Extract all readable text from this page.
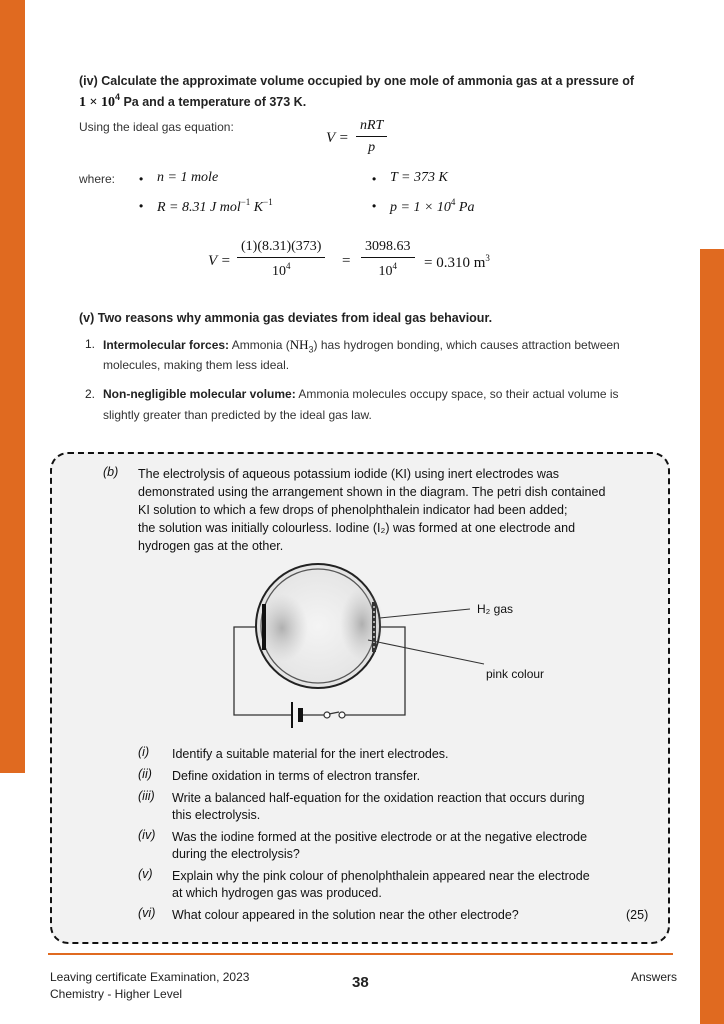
(iv) Calculate the approximate volume occupied by one mole of ammonia gas at a pressure of
$1 \times 10^4$ Pa and a temperature of 373 K.
Using the ideal gas equation:
V =
nRT
p
where: • n = 1 mole	• T = 373 K
• R = 8.31 J mol$^{-1}$ $K^{-1}$	• $p = 1 \times 10^4$ Pa
$V = \frac{(1)(8.31)(373)}{10^4} = \frac{3098.63}{10^4} = 0.310$ $m^3$
(v) Two reasons why ammonia gas deviates from ideal gas behaviour.
1. Intermolecular forces: Ammonia $(NH_3)$ has hydrogen bonding, which causes attraction between
molecules, making them less ideal.
2. Non-negligible molecular volume: Ammonia molecules occupy space, so their actual volume is
slightly greater than predicted by the ideal gas law.
(b) The electrolysis of aqueous potassium iodide (KI) using inert electrodes was
demonstrated using the arrangement shown in the diagram. The petri dish contained
KI solution to which a few drops of phenolphthalein indicator had been added;
the solution was initially colourless. Iodine (I₂) was formed at one electrode and
hydrogen gas at the other.
H₂ gas
pink colour
(i) Identify a suitable material for the inert electrodes.
(ii) Define oxidation in terms of electron transfer.
(iii) Write a balanced half-equation for the oxidation reaction that occurs during
this electrolysis.
(iv) Was the iodine formed at the positive electrode or at the negative electrode
during the electrolysis?
(v) Explain why the pink colour of phenolphthalein appeared near the electrode
at which hydrogen gas was produced.
(vi) What colour appeared in the solution near the other electrode?	(25)
Leaving certificate Examination, 2023
Chemistry - Higher Level
38	Answers
